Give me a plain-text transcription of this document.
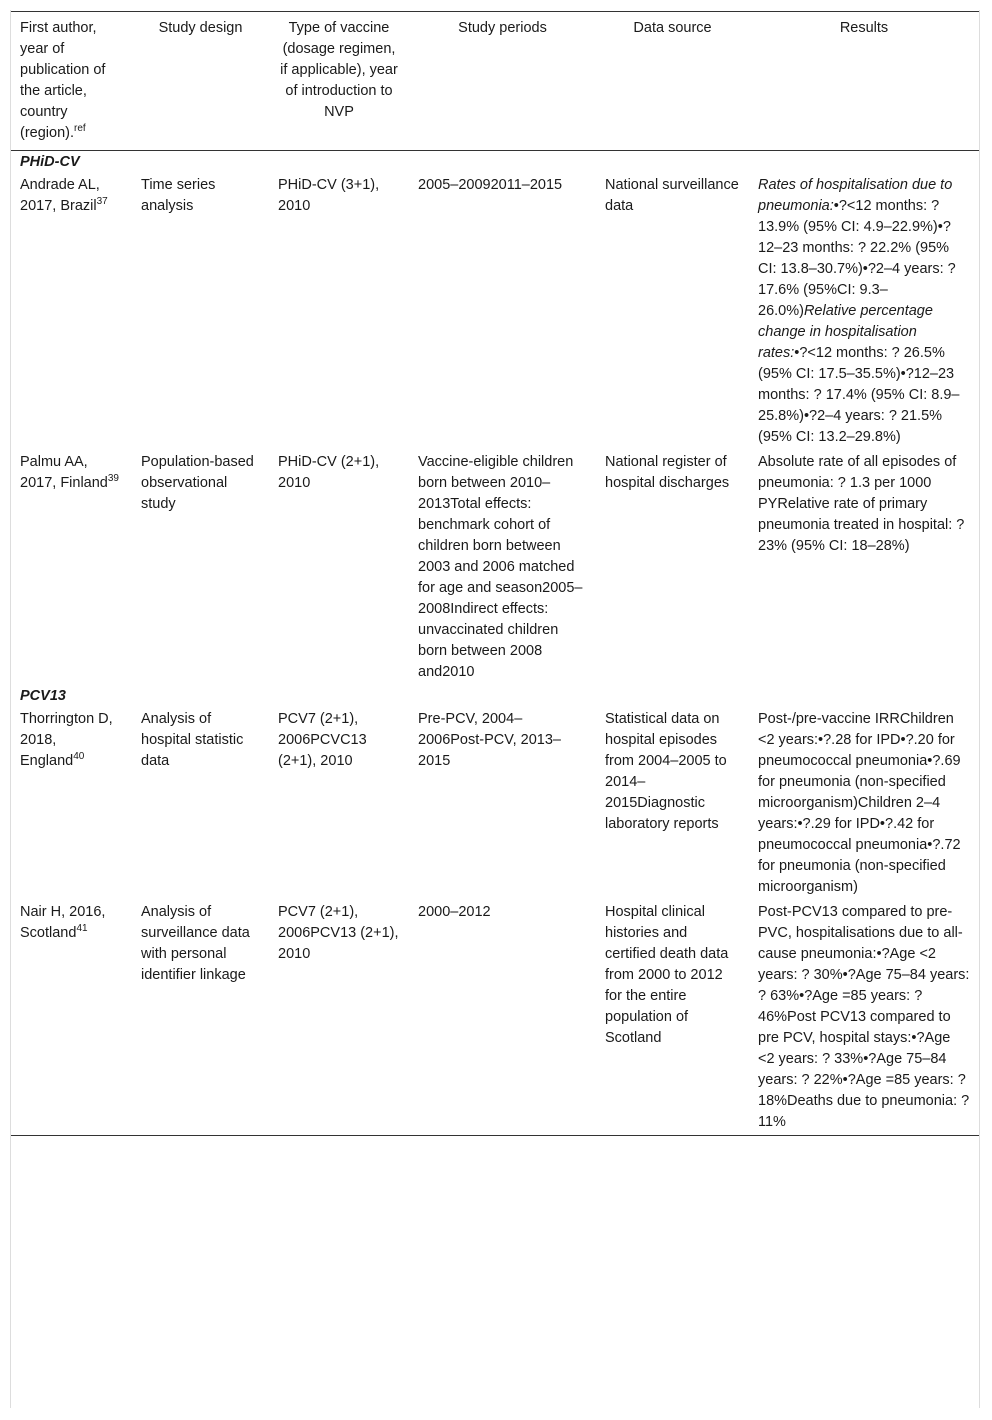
First author, year of publication of the article, country (region).$^{ref}$	Study design	Type of vaccine (dosage regimen, if applicable), year of introduction to NVP	Study periods	Data source	Results
PHiD-CV					
Andrade AL, 2017, Brazil$^{37}$	Time series analysis	PHiD-CV (3+1), 2010	2005–20092011–2015	National surveillance data	Rates of hospitalisation due to pneumonia:•?<12 months: ? 13.9% (95% CI: 4.9–22.9%)•?12–23 months: ? 22.2% (95% CI: 13.8–30.7%)•?2–4 years: ? 17.6% (95%CI: 9.3–26.0%)Relative percentage change in hospitalisation rates:•?<12 months: ? 26.5% (95% CI: 17.5–35.5%)•?12–23 months: ? 17.4% (95% CI: 8.9–25.8%)•?2–4 years: ? 21.5% (95% CI: 13.2–29.8%)
Palmu AA, 2017, Finland$^{39}$	Population-based observational study	PHiD-CV (2+1), 2010	Vaccine-eligible children born between 2010–2013Total effects: benchmark cohort of children born between 2003 and 2006 matched for age and season2005–2008Indirect effects: unvaccinated children born between 2008 and2010	National register of hospital discharges	Absolute rate of all episodes of pneumonia: ? 1.3 per 1000 PYRelative rate of primary pneumonia treated in hospital: ? 23% (95% CI: 18–28%)
PCV13					
Thorrington D, 2018, England$^{40}$	Analysis of hospital statistic data	PCV7 (2+1), 2006PCVC13 (2+1), 2010	Pre-PCV, 2004–2006Post-PCV, 2013–2015	Statistical data on hospital episodes from 2004–2005 to 2014–2015Diagnostic laboratory reports	Post-/pre-vaccine IRRChildren <2 years:•?.28 for IPD•?.20 for pneumococcal pneumonia•?.69 for pneumonia (non-specified microorganism)Children 2–4 years:•?.29 for IPD•?.42 for pneumococcal pneumonia•?.72 for pneumonia (non-specified microorganism)
Nair H, 2016, Scotland$^{41}$	Analysis of surveillance data with personal identifier linkage	PCV7 (2+1), 2006PCV13 (2+1), 2010	2000–2012	Hospital clinical histories and certified death data from 2000 to 2012 for the entire population of Scotland	Post-PCV13 compared to pre-PVC, hospitalisations due to all-cause pneumonia:•?Age <2 years: ? 30%•?Age 75–84 years: ? 63%•?Age =85 years: ? 46%Post PCV13 compared to pre PCV, hospital stays:•?Age <2 years: ? 33%•?Age 75–84 years: ? 22%•?Age =85 years: ? 18%Deaths due to pneumonia: ? 11%
